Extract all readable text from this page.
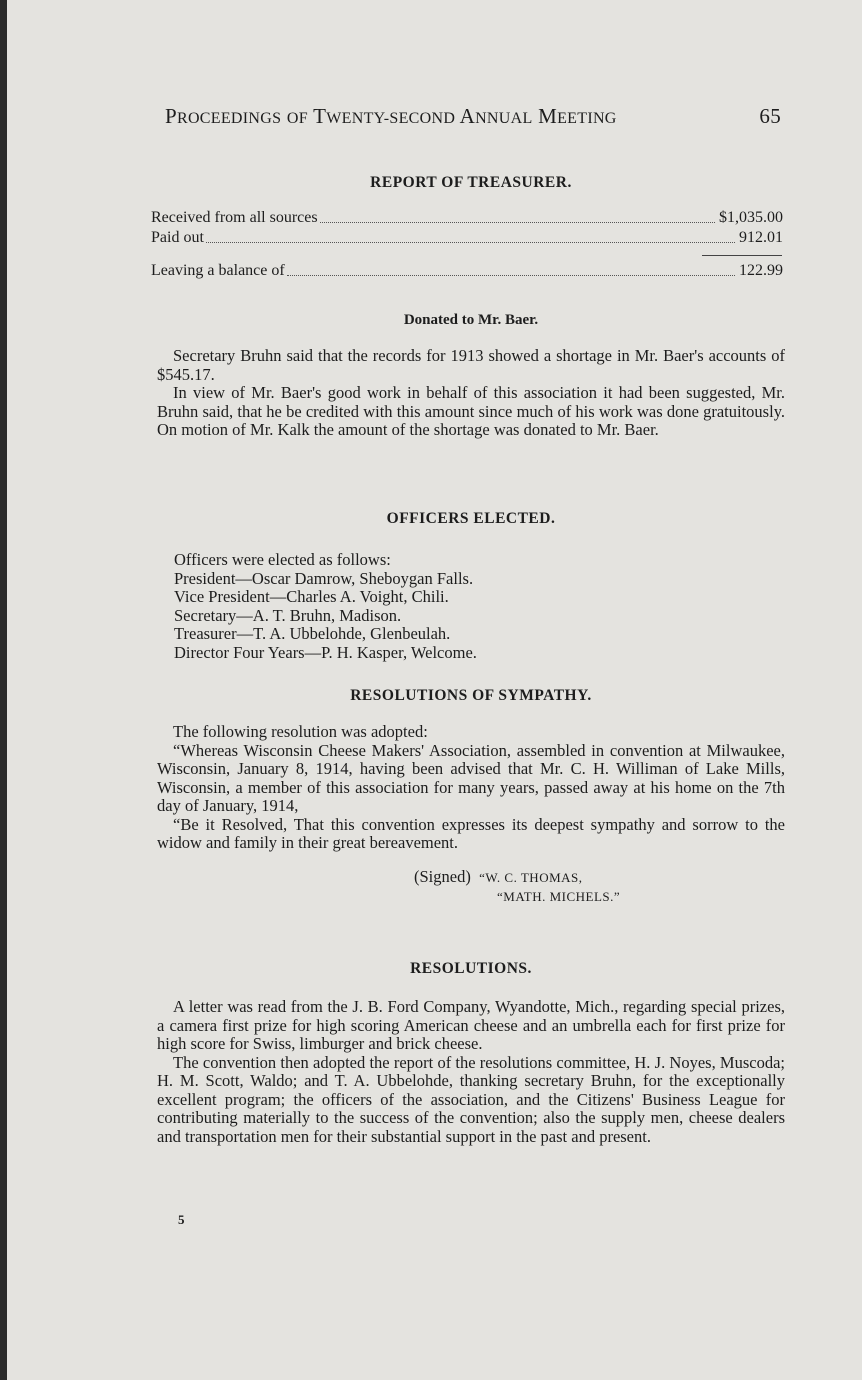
PROCEEDINGS OF TWENTY-SECOND ANNUAL MEETING	65
REPORT OF TREASURER.
Received from all sources	$1,035.00
Paid out	912.01
Leaving a balance of	122.99
Donated to Mr. Baer.

Secretary Bruhn said that the records for 1913 showed a shortage in Mr. Baer's accounts of $545.17.

In view of Mr. Baer's good work in behalf of this association it had been suggested, Mr. Bruhn said, that he be credited with this amount since much of his work was done gratuitously. On motion of Mr. Kalk the amount of the shortage was donated to Mr. Baer.

OFFICERS ELECTED.
Officers were elected as follows:
President—Oscar Damrow, Sheboygan Falls.
Vice President—Charles A. Voight, Chili.
Secretary—A. T. Bruhn, Madison.
Treasurer—T. A. Ubbelohde, Glenbeulah.
Director Four Years—P. H. Kasper, Welcome.
RESOLUTIONS OF SYMPATHY.

The following resolution was adopted:

“Whereas Wisconsin Cheese Makers' Association, assembled in convention at Milwaukee, Wisconsin, January 8, 1914, having been advised that Mr. C. H. Williman of Lake Mills, Wisconsin, a member of this association for many years, passed away at his home on the 7th day of January, 1914,

“Be it Resolved, That this convention expresses its deepest sympathy and sorrow to the widow and family in their great bereavement.

(Signed) “W. C. THOMAS,
“MATH. MICHELS.”
RESOLUTIONS.

A letter was read from the J. B. Ford Company, Wyandotte, Mich., regarding special prizes, a camera first prize for high scoring American cheese and an umbrella each for first prize for high score for Swiss, limburger and brick cheese.

The convention then adopted the report of the resolutions committee, H. J. Noyes, Muscoda; H. M. Scott, Waldo; and T. A. Ubbelohde, thanking secretary Bruhn, for the exceptionally excellent program; the officers of the association, and the Citizens' Business League for contributing materially to the success of the convention; also the supply men, cheese dealers and transportation men for their substantial support in the past and present.

5
